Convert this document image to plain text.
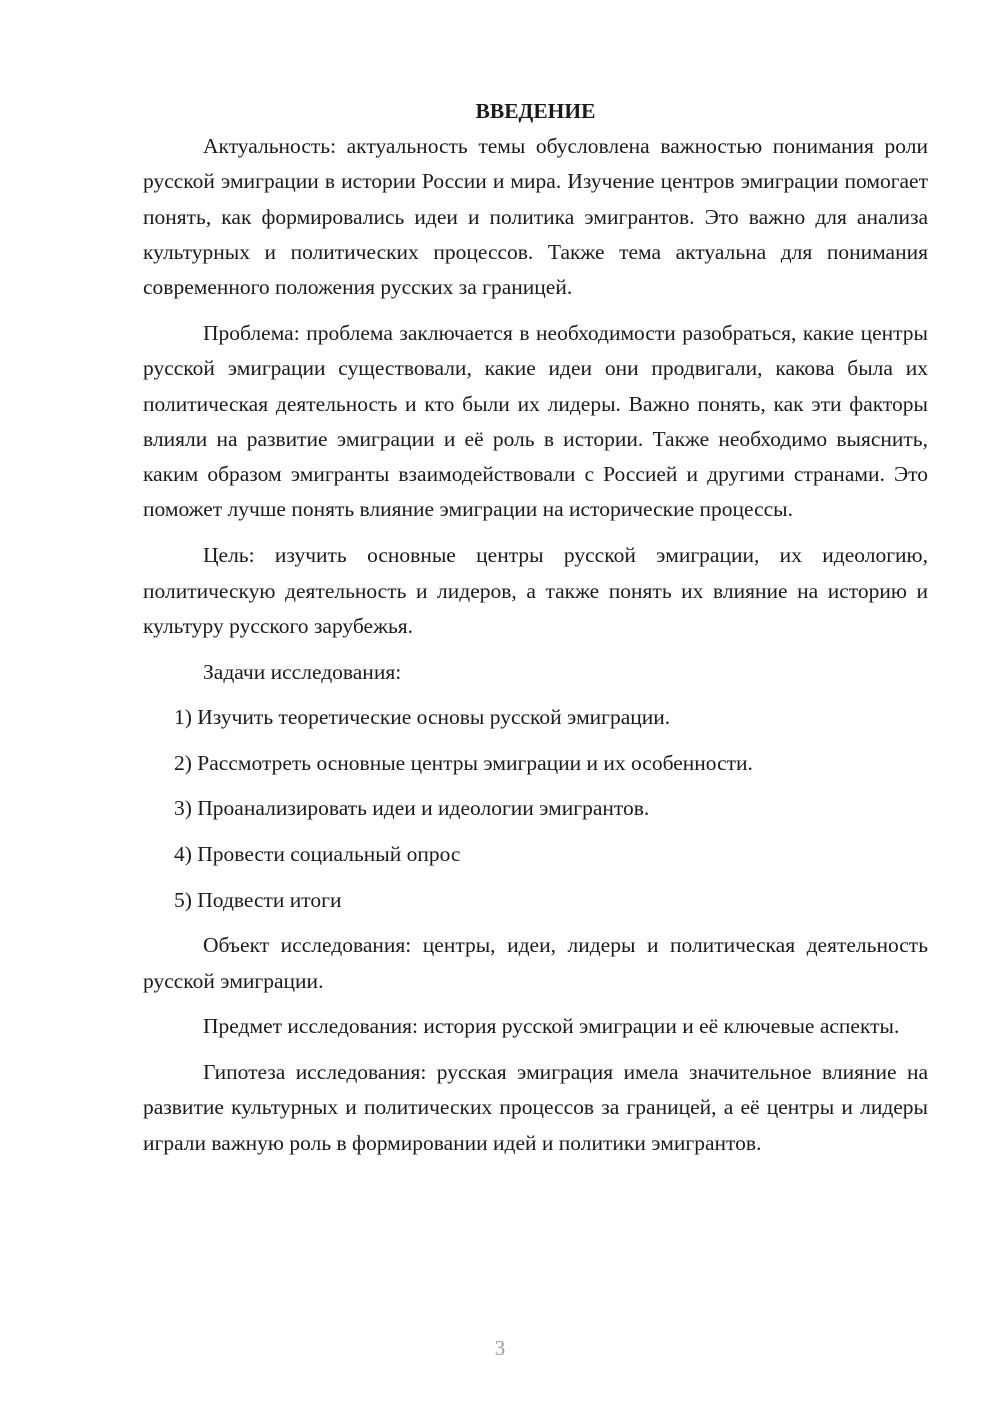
ВВЕДЕНИЕ

Актуальность: актуальность темы обусловлена важностью понимания роли русской эмиграции в истории России и мира. Изучение центров эмиграции помогает понять, как формировались идеи и политика эмигрантов. Это важно для анализа культурных и политических процессов. Также тема актуальна для понимания современного положения русских за границей.

Проблема: проблема заключается в необходимости разобраться, какие центры русской эмиграции существовали, какие идеи они продвигали, какова была их политическая деятельность и кто были их лидеры. Важно понять, как эти факторы влияли на развитие эмиграции и её роль в истории. Также необходимо выяснить, каким образом эмигранты взаимодействовали с Россией и другими странами. Это поможет лучше понять влияние эмиграции на исторические процессы.

Цель: изучить основные центры русской эмиграции, их идеологию, политическую деятельность и лидеров, а также понять их влияние на историю и культуру русского зарубежья.

Задачи исследования:

1) Изучить теоретические основы русской эмиграции.

2) Рассмотреть основные центры эмиграции и их особенности.

3) Проанализировать идеи и идеологии эмигрантов.

4) Провести социальный опрос

5) Подвести итоги

Объект исследования: центры, идеи, лидеры и политическая деятельность русской эмиграции.

Предмет исследования: история русской эмиграции и её ключевые аспекты.

Гипотеза исследования: русская эмиграция имела значительное влияние на развитие культурных и политических процессов за границей, а её центры и лидеры играли важную роль в формировании идей и политики эмигрантов.

3
